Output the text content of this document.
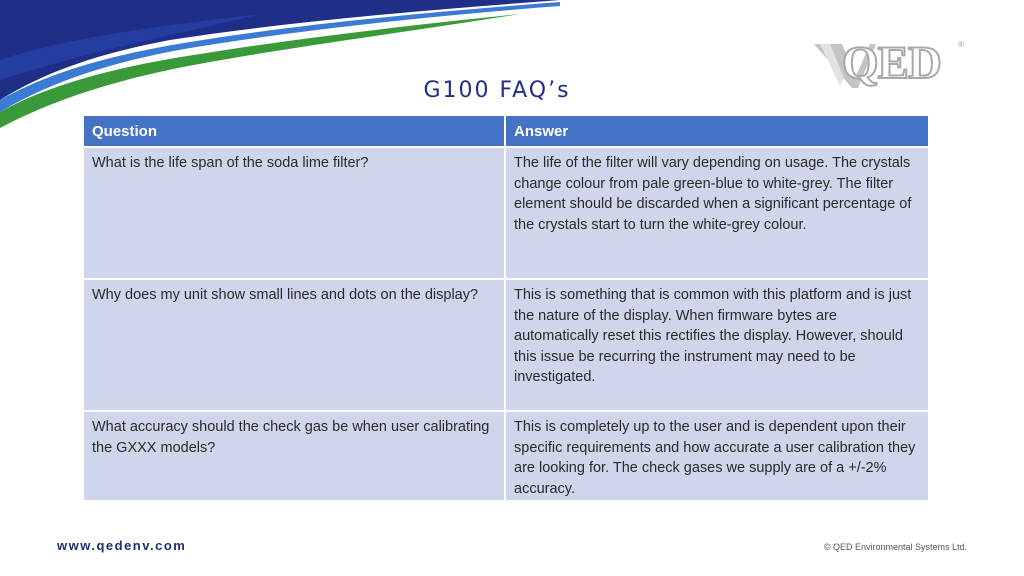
QED ®
G100 FAQ’s
Question	Answer
What is the life span of the soda lime filter?	The life of the filter will vary depending on usage. The crystals change colour from pale green-blue to white-grey. The filter element should be discarded when a significant percentage of the crystals start to turn the white-grey colour.
Why does my unit show small lines and dots on the display?	This is something that is common with this platform and is just the nature of the display. When firmware bytes are automatically reset this rectifies the display. However, should this issue be recurring the instrument may need to be investigated.
What accuracy should the check gas be when user calibrating the GXXX models?	This is completely up to the user and is dependent upon their specific requirements and how accurate a user calibration they are looking for. The check gases we supply are of a +/-2% accuracy.
www.qedenv.com	© QED Environmental Systems Ltd.
